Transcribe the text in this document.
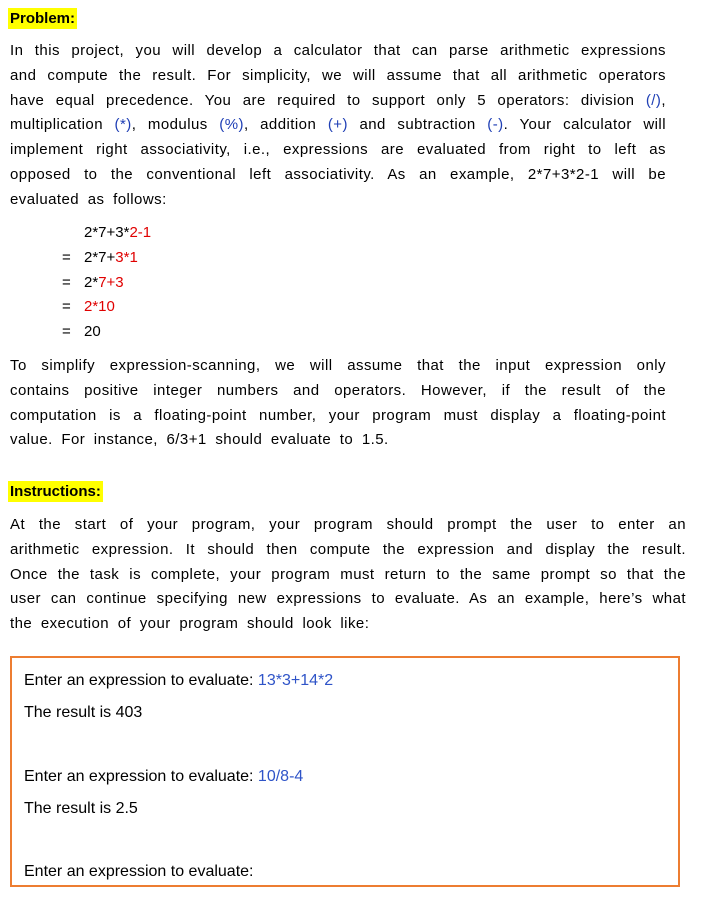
Problem:

In this project, you will develop a calculator that can parse arithmetic expressions and compute the result. For simplicity, we will assume that all arithmetic operators have equal precedence. You are required to support only 5 operators: division (/), multiplication (*), modulus (%), addition (+) and subtraction (-). Your calculator will implement right associativity, i.e., expressions are evaluated from right to left as opposed to the conventional left associativity. As an example, 2*7+3*2-1 will be evaluated as follows:

2*7+3*2-1
= 2*7+3*1
= 2*7+3
= 2*10
= 20

To simplify expression-scanning, we will assume that the input expression only contains positive integer numbers and operators. However, if the result of the computation is a floating-point number, your program must display a floating-point value. For instance, 6/3+1 should evaluate to 1.5.

Instructions:

At the start of your program, your program should prompt the user to enter an arithmetic expression. It should then compute the expression and display the result. Once the task is complete, your program must return to the same prompt so that the user can continue specifying new expressions to evaluate. As an example, here’s what the execution of your program should look like:

Enter an expression to evaluate: 13*3+14*2
The result is 403
Enter an expression to evaluate: 10/8-4
The result is 2.5
Enter an expression to evaluate:
